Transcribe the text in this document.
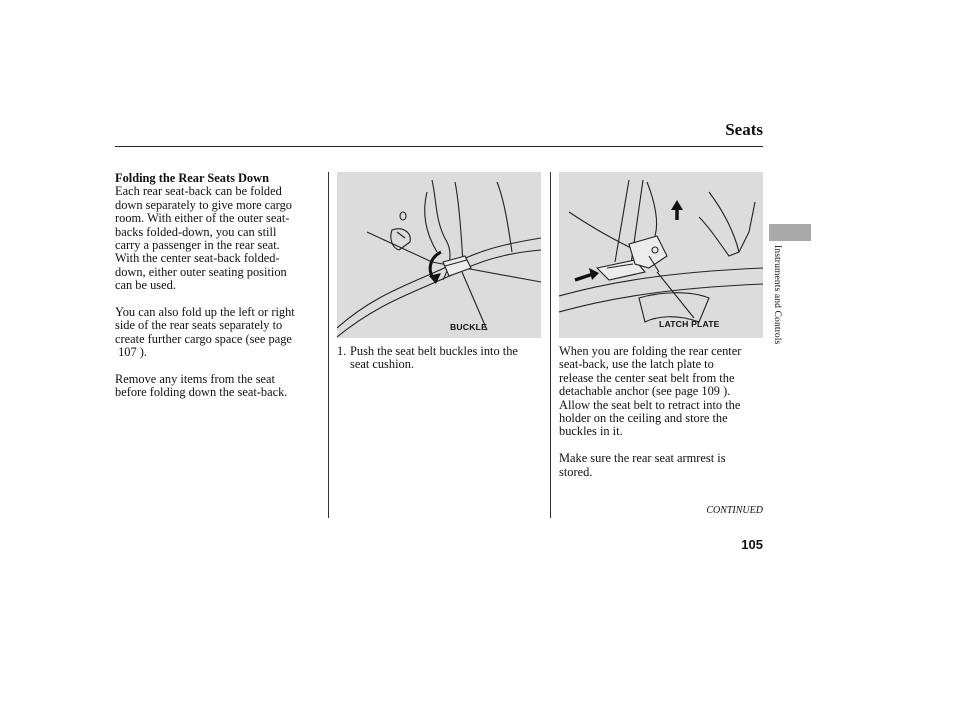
Seats

Folding the Rear Seats Down

Each rear seat-back can be folded

down separately to give more cargo

room. With either of the outer seat-

backs folded-down, you can still

carry a passenger in the rear seat.

With the center seat-back folded-

down, either outer seating position

can be used.

You can also fold up the left or right

side of the rear seats separately to

create further cargo space (see page

107 ).

Remove any items from the seat

before folding down the seat-back.

BUCKLE
1. Push the seat belt buckles into the

seat cushion.

LATCH PLATE

When you are folding the rear center

seat-back, use the latch plate to

release the center seat belt from the

detachable anchor (see page 109 ).

Allow the seat belt to retract into the

holder on the ceiling and store the

buckles in it.

Make sure the rear seat armrest is

stored.

CONTINUED
105
Instruments and Controls
